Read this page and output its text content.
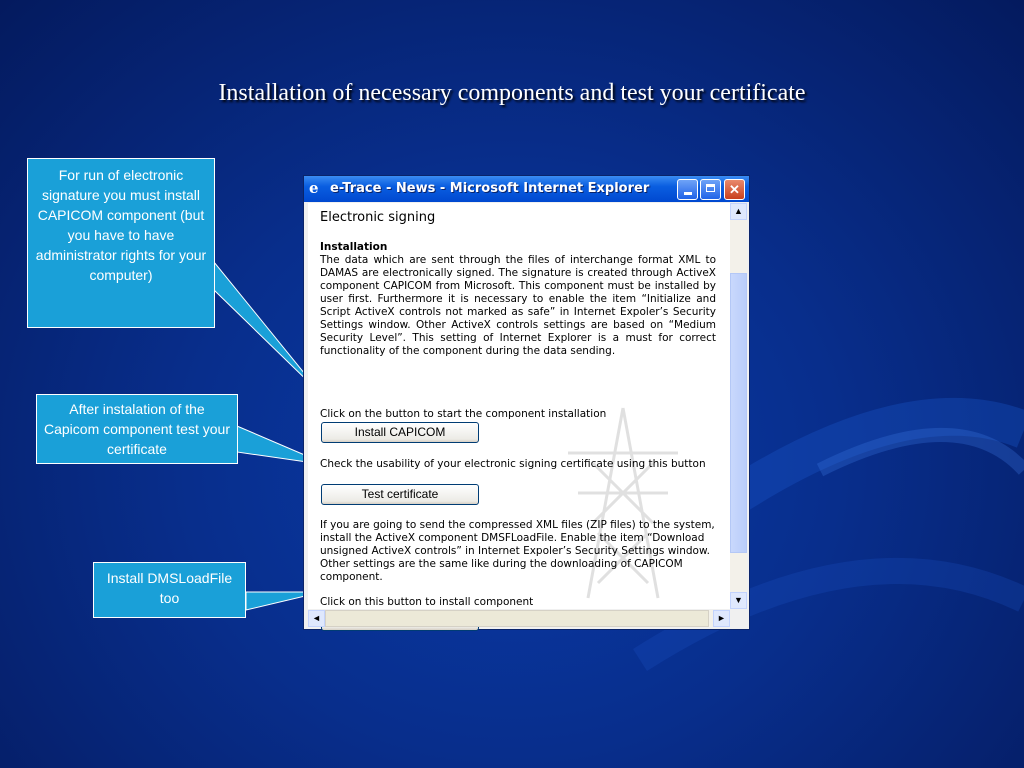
Installation of necessary components and test your certificate
For run of electronic signature you must install CAPICOM component (but you have to have administrator rights for your computer)
After instalation of the Capicom component test your certificate
Install DMSLoadFile too
e e-Trace - News - Microsoft Internet Explorer	✕
Electronic signing
Installation
The data which are sent through the files of interchange format XML to DAMAS are electronically signed. The signature is created through ActiveX component CAPICOM from Microsoft. This component must be installed by user first. Furthermore it is necessary to enable the item “Initialize and Script ActiveX controls not marked as safe” in Internet Expoler’s Security Settings window. Other ActiveX controls settings are based on “Medium Security Level”. This setting of Internet Explorer is a must for correct functionality of the component during the data sending.
Click on the button to start the component installation
Install CAPICOM
Check the usability of your electronic signing certificate using this button
Test certificate
If you are going to send the compressed XML files (ZIP files) to the system, install the ActiveX component DMSFLoadFile. Enable the item “Download unsigned ActiveX controls” in Internet Expoler’s Security Settings window. Other settings are the same like during the downloading of CAPICOM component.
Click on this button to install component
▲
▼
◄	►
